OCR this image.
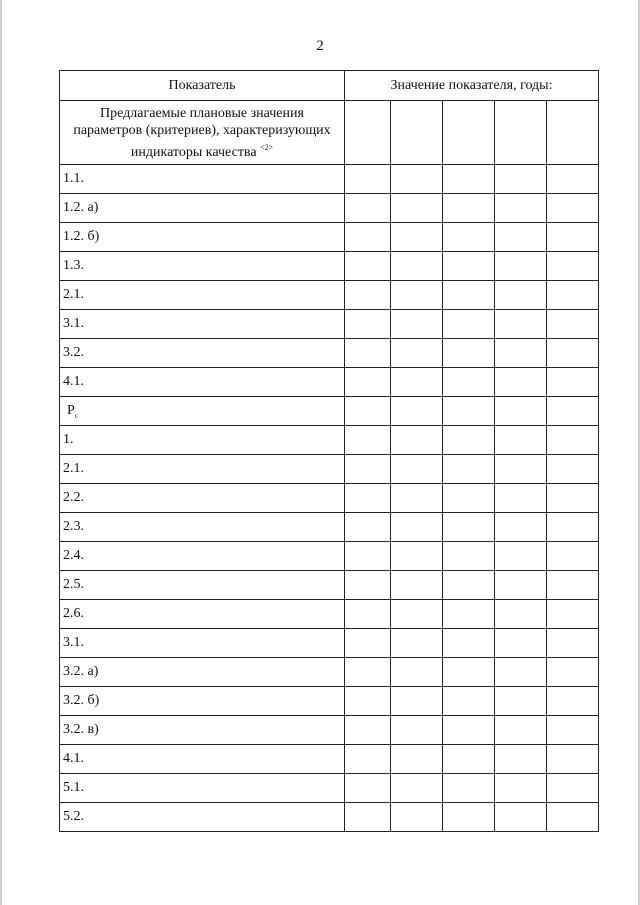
2
Показатель	Значение показателя, годы:				
Предлагаемые плановые значения
параметров (критериев), характеризующих
индикаторы качества $^{<2>}$					
1.1.					
1.2. а)					
1.2. б)					
1.3.					
2.1.					
3.1.					
3.2.					
4.1.					
$P_с$					
1.					
2.1.					
2.2.					
2.3.					
2.4.					
2.5.					
2.6.					
3.1.					
3.2. а)					
3.2. б)					
3.2. в)					
4.1.					
5.1.					
5.2.					
